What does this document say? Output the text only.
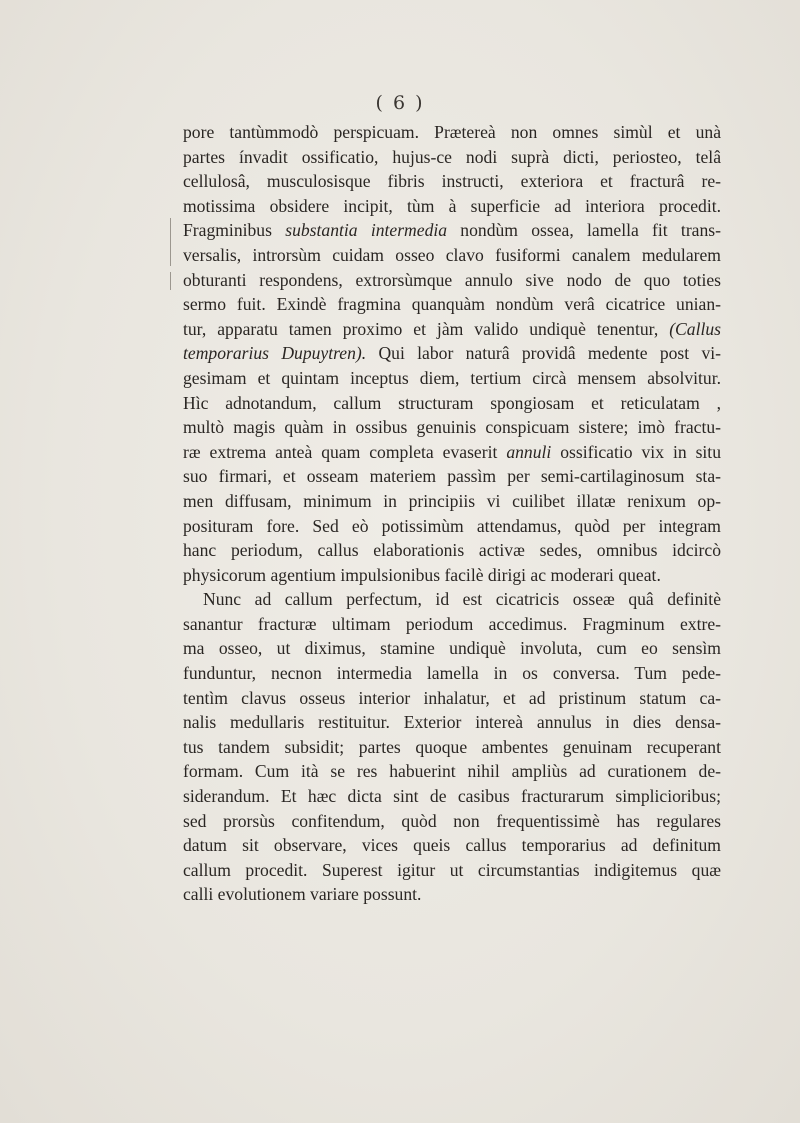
( 6 )
pore tantùmmodò perspicuam. Prætereà non omnes simùl et unà
partes ínvadit ossificatio, hujus-ce nodi suprà dicti, periosteo, telâ
cellulosâ, musculosisque fibris instructi, exteriora et fracturâ re-
motissima obsidere incipit, tùm à superficie ad interiora procedit.
Fragminibus substantia intermedia nondùm ossea, lamella fit trans-
versalis, introrsùm cuidam osseo clavo fusiformi canalem medularem
obturanti respondens, extrorsùmque annulo sive nodo de quo toties
sermo fuit. Exindè fragmina quanquàm nondùm verâ cicatrice unian-
tur, apparatu tamen proximo et jàm valido undiquè tenentur, (Callus
temporarius Dupuytren). Qui labor naturâ providâ medente post vi-
gesimam et quintam inceptus diem, tertium circà mensem absolvitur.
Hìc adnotandum, callum structuram spongiosam et reticulatam ,
multò magis quàm in ossibus genuinis conspicuam sistere; imò fractu-
ræ extrema anteà quam completa evaserit annuli ossificatio vix in situ
suo firmari, et osseam materiem passìm per semi-cartilaginosum sta-
men diffusam, minimum in principiis vi cuilibet illatæ renixum op-
posituram fore. Sed eò potissimùm attendamus, quòd per integram
hanc periodum, callus elaborationis activæ sedes, omnibus idcircò
physicorum agentium impulsionibus facilè dirigi ac moderari queat.
Nunc ad callum perfectum, id est cicatricis osseæ quâ definitè
sanantur fracturæ ultimam periodum accedimus. Fragminum extre-
ma osseo, ut diximus, stamine undiquè involuta, cum eo sensìm
funduntur, necnon intermedia lamella in os conversa. Tum pede-
tentìm clavus osseus interior inhalatur, et ad pristinum statum ca-
nalis medullaris restituitur. Exterior intereà annulus in dies densa-
tus tandem subsidit; partes quoque ambentes genuinam recuperant
formam. Cum ità se res habuerint nihil ampliùs ad curationem de-
siderandum. Et hæc dicta sint de casibus fracturarum simplicioribus;
sed prorsùs confitendum, quòd non frequentissimè has regulares
datum sit observare, vices queis callus temporarius ad definitum
callum procedit. Superest igitur ut circumstantias indigitemus quæ
calli evolutionem variare possunt.
